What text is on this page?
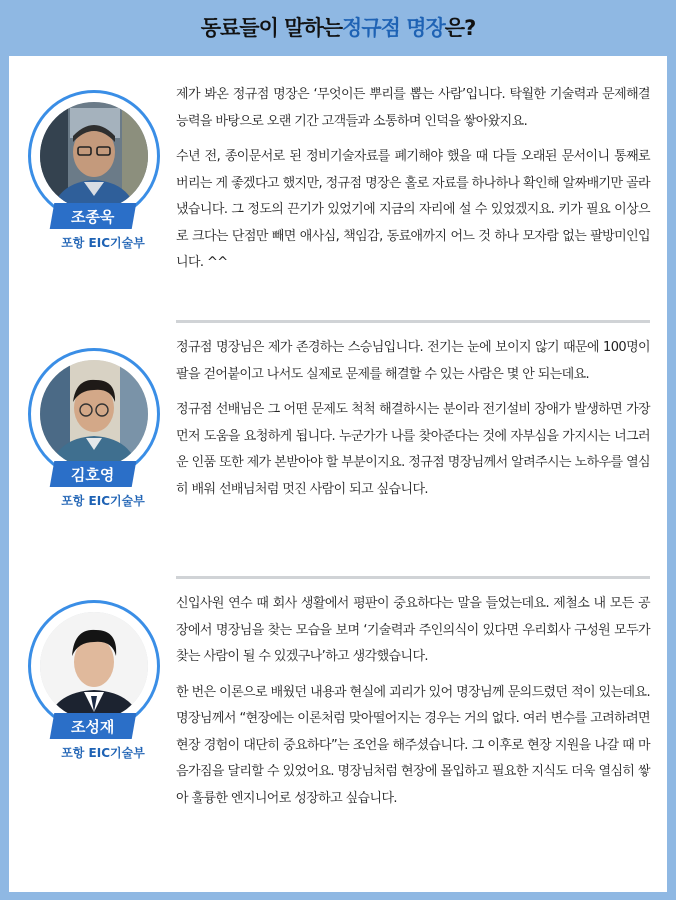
동료들이 말하는 정규점 명장 은?
조종욱
포항 EIC기술부

제가 봐온 정규점 명장은 ‘무엇이든 뿌리를 뽑는 사람’입니다. 탁월한 기술력과 문제해결능력을 바탕으로 오랜 기간 고객들과 소통하며 인덕을 쌓아왔지요.

수년 전, 종이문서로 된 정비기술자료를 폐기해야 했을 때 다들 오래된 문서이니 통째로 버리는 게 좋겠다고 했지만, 정규점 명장은 홀로 자료를 하나하나 확인해 알짜배기만 골라냈습니다. 그 정도의 끈기가 있었기에 지금의 자리에 설 수 있었겠지요. 키가 필요 이상으로 크다는 단점만 빼면 애사심, 책임감, 동료애까지 어느 것 하나 모자람 없는 팔방미인입니다. ^^

김호영
포항 EIC기술부

정규점 명장님은 제가 존경하는 스승님입니다. 전기는 눈에 보이지 않기 때문에 100명이 팔을 걷어붙이고 나서도 실제로 문제를 해결할 수 있는 사람은 몇 안 되는데요.

정규점 선배님은 그 어떤 문제도 척척 해결하시는 분이라 전기설비 장애가 발생하면 가장 먼저 도움을 요청하게 됩니다. 누군가가 나를 찾아준다는 것에 자부심을 가지시는 너그러운 인품 또한 제가 본받아야 할 부분이지요. 정규점 명장님께서 알려주시는 노하우를 열심히 배워 선배님처럼 멋진 사람이 되고 싶습니다.

조성재
포항 EIC기술부

신입사원 연수 때 회사 생활에서 평판이 중요하다는 말을 들었는데요. 제철소 내 모든 공장에서 명장님을 찾는 모습을 보며 ‘기술력과 주인의식이 있다면 우리회사 구성원 모두가 찾는 사람이 될 수 있겠구나’하고 생각했습니다.

한 번은 이론으로 배웠던 내용과 현실에 괴리가 있어 명장님께 문의드렸던 적이 있는데요. 명장님께서 “현장에는 이론처럼 맞아떨어지는 경우는 거의 없다. 여러 변수를 고려하려면 현장 경험이 대단히 중요하다”는 조언을 해주셨습니다. 그 이후로 현장 지원을 나갈 때 마음가짐을 달리할 수 있었어요. 명장님처럼 현장에 몰입하고 필요한 지식도 더욱 열심히 쌓아 훌륭한 엔지니어로 성장하고 싶습니다.
